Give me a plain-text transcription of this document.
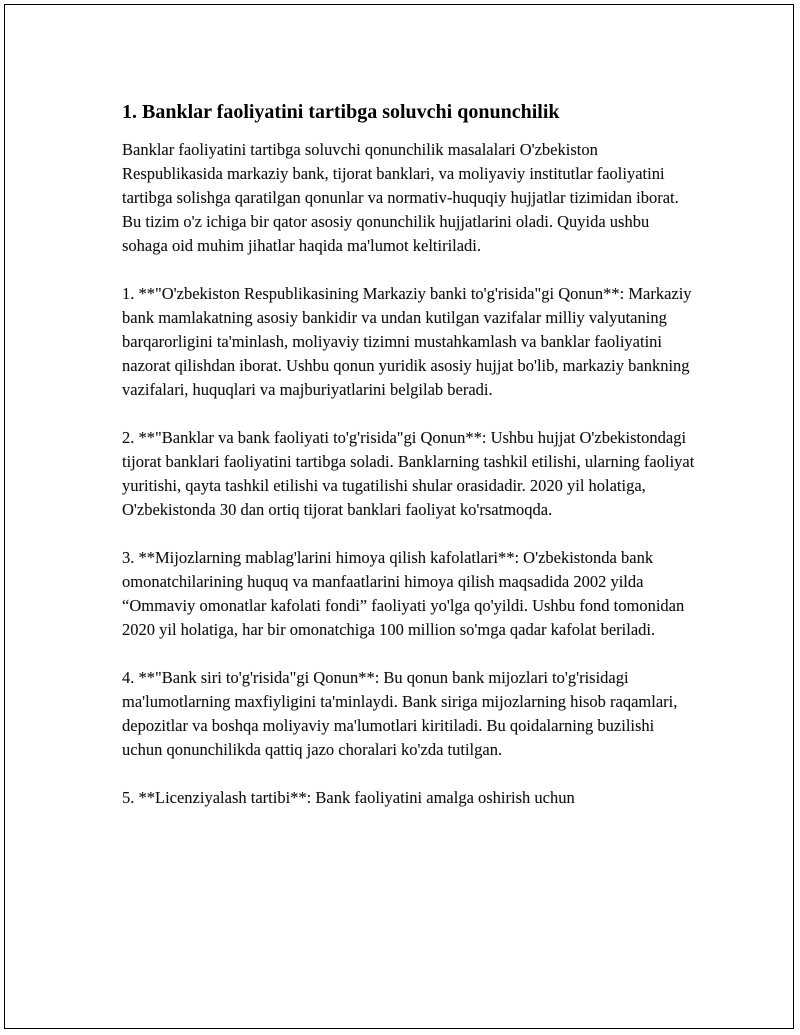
1. Banklar faoliyatini tartibga soluvchi qonunchilik

Banklar faoliyatini tartibga soluvchi qonunchilik masalalari O'zbekiston Respublikasida markaziy bank, tijorat banklari, va moliyaviy institutlar faoliyatini tartibga solishga qaratilgan qonunlar va normativ-huquqiy hujjatlar tizimidan iborat. Bu tizim o'z ichiga bir qator asosiy qonunchilik hujjatlarini oladi. Quyida ushbu sohaga oid muhim jihatlar haqida ma'lumot keltiriladi.

1. **"O'zbekiston Respublikasining Markaziy banki to'g'risida"gi Qonun**: Markaziy bank mamlakatning asosiy bankidir va undan kutilgan vazifalar milliy valyutaning barqarorligini ta'minlash, moliyaviy tizimni mustahkamlash va banklar faoliyatini nazorat qilishdan iborat. Ushbu qonun yuridik asosiy hujjat bo'lib, markaziy bankning vazifalari, huquqlari va majburiyatlarini belgilab beradi.

2. **"Banklar va bank faoliyati to'g'risida"gi Qonun**: Ushbu hujjat O'zbekistondagi tijorat banklari faoliyatini tartibga soladi. Banklarning tashkil etilishi, ularning faoliyat yuritishi, qayta tashkil etilishi va tugatilishi shular orasidadir. 2020 yil holatiga, O'zbekistonda 30 dan ortiq tijorat banklari faoliyat ko'rsatmoqda.

3. **Mijozlarning mablag'larini himoya qilish kafolatlari**: O'zbekistonda bank omonatchilarining huquq va manfaatlarini himoya qilish maqsadida 2002 yilda “Ommaviy omonatlar kafolati fondi” faoliyati yo'lga qo'yildi. Ushbu fond tomonidan 2020 yil holatiga, har bir omonatchiga 100 million so'mga qadar kafolat beriladi.

4. **"Bank siri to'g'risida"gi Qonun**: Bu qonun bank mijozlari to'g'risidagi ma'lumotlarning maxfiyligini ta'minlaydi. Bank siriga mijozlarning hisob raqamlari, depozitlar va boshqa moliyaviy ma'lumotlari kiritiladi. Bu qoidalarning buzilishi uchun qonunchilikda qattiq jazo choralari ko'zda tutilgan.

5. **Licenziyalash tartibi**: Bank faoliyatini amalga oshirish uchun
